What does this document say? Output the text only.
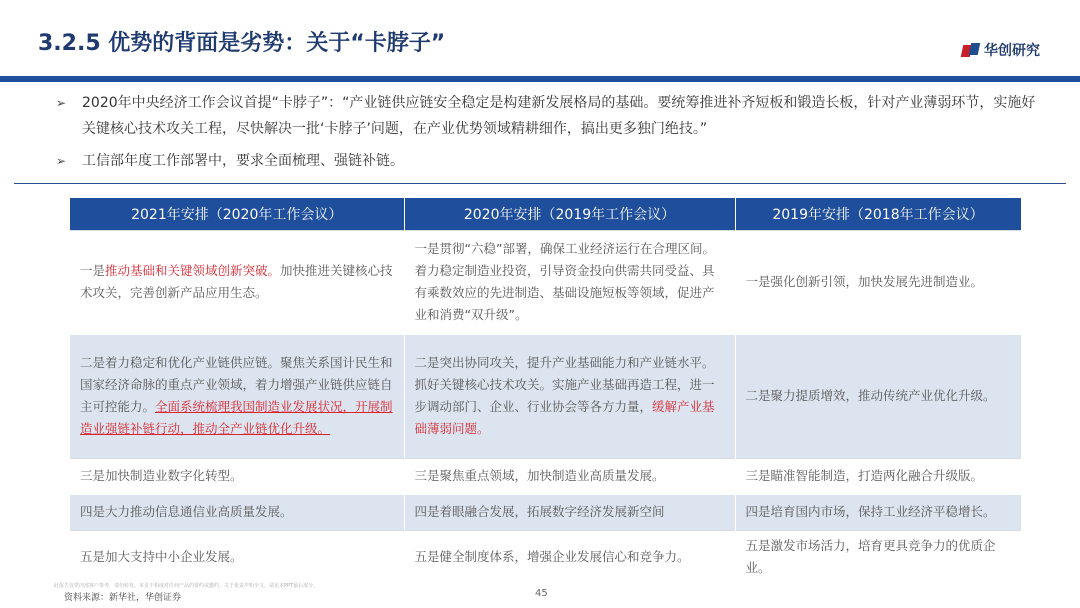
3.2.5 优势的背面是劣势：关于“卡脖子”	华创研究
➢ 2020年中央经济工作会议首提“卡脖子”：“产业链供应链安全稳定是构建新发展格局的基础。要统筹推进补齐短板和锻造长板，针对产业薄弱环节，实施好关键核心技术攻关工程，尽快解决一批‘卡脖子’问题，在产业优势领域精耕细作，搞出更多独门绝技。”
➢ 工信部年度工作部署中，要求全面梳理、强链补链。
2021年安排（2020年工作会议）	2020年安排（2019年工作会议）	2019年安排（2018年工作会议）
一是推动基础和关键领域创新突破。加快推进关键核心技术攻关，完善创新产品应用生态。	一是贯彻“六稳”部署，确保工业经济运行在合理区间。着力稳定制造业投资，引导资金投向供需共同受益、具有乘数效应的先进制造、基础设施短板等领域，促进产业和消费“双升级”。	一是强化创新引领，加快发展先进制造业。
二是着力稳定和优化产业链供应链。聚焦关系国计民生和国家经济命脉的重点产业领域，着力增强产业链供应链自主可控能力。全面系统梳理我国制造业发展状况，开展制造业强链补链行动，推动全产业链优化升级。	二是突出协同攻关，提升产业基础能力和产业链水平。抓好关键核心技术攻关。实施产业基础再造工程，进一步调动部门、企业、行业协会等各方力量，缓解产业基础薄弱问题。	二是聚力提质增效，推动传统产业优化升级。
三是加快制造业数字化转型。	三是聚焦重点领域，加快制造业高质量发展。	三是瞄准智能制造，打造两化融合升级版。
四是大力推动信息通信业高质量发展。	四是着眼融合发展，拓展数字经济发展新空间	四是培育国内市场，保持工业经济平稳增长。
五是加大支持中小企业发展。	五是健全制度体系，增强企业发展信心和竞争力。	五是激发市场活力，培育更具竞争力的优质企业。
此报告仅供内部客户参考，请勿转发。本页不构成对任何产品的要约或邀约。关于免责声明全文，请见本PPT最后部分。
资料来源：新华社，华创证券	45
